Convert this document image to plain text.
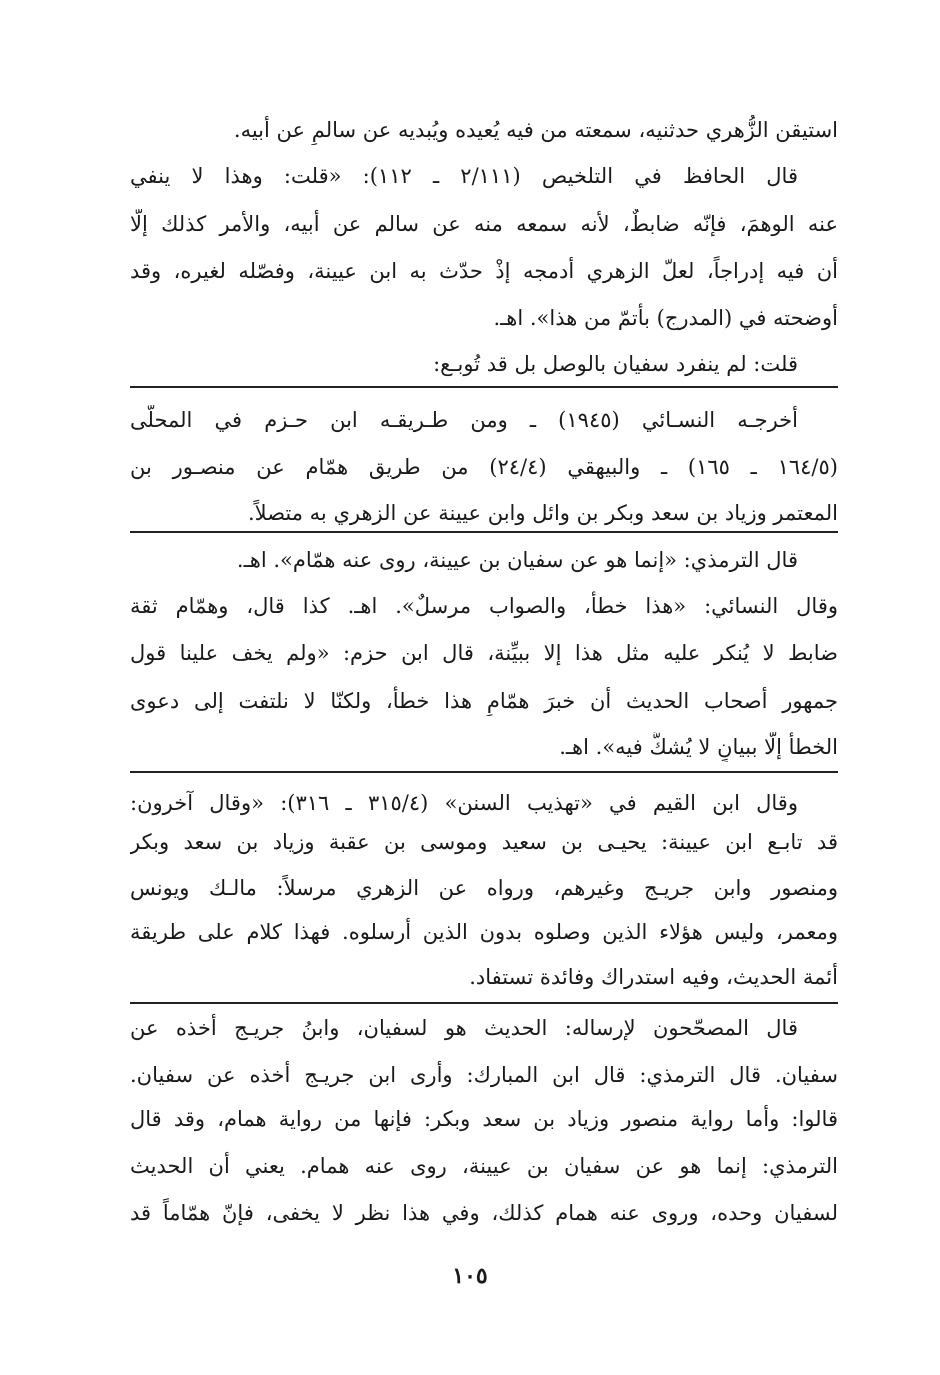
استيقن الزُّهري حدثنيه، سمعته من فيه يُعيده ويُبديه عن سالمٍ عن أبيه.
قال الحافظ في التلخيص (٢/١١١ ـ ١١٢): «قلت: وهذا لا ينفي
عنه الوهمَ، فإنّه ضابطٌ، لأنه سمعه منه عن سالم عن أبيه، والأمر كذلك إلّا
أن فيه إدراجاً، لعلّ الزهري أدمجه إذْ حدّث به ابن عيينة، وفصّله لغيره، وقد
أوضحته في (المدرج) بأتمّ من هذا». اهـ.
قلت: لم ينفرد سفيان بالوصل بل قد تُوبـع:
أخرجـه النسـائي (١٩٤٥) ـ ومن طـريقـه ابن حـزم في المحلّى
(١٦٤/٥ ـ ١٦٥) ـ والبيهقي (٢٤/٤) من طريق همّام عن منصـور بن
المعتمر وزياد بن سعد وبكر بن وائل وابن عيينة عن الزهري به متصلاً.
قال الترمذي: «إنما هو عن سفيان بن عيينة، روى عنه همّام». اهـ.
وقال النسائي: «هذا خطأ، والصواب مرسلٌ». اهـ. كذا قال، وهمّام ثقة
ضابط لا يُنكر عليه مثل هذا إلا ببيِّنة، قال ابن حزم: «ولم يخف علينا قول
جمهور أصحاب الحديث أن خبرَ همّامٍ هذا خطأ، ولكنّا لا نلتفت إلى دعوى
الخطأ إلّا ببيانٍ لا يُشكُّ فيه». اهـ.
وقال ابن القيم في «تهذيب السنن» (٣١٥/٤ ـ ٣١٦): «وقال آخرون:
قد تابـع ابن عيينة: يحيـى بن سعيد وموسى بن عقبة وزياد بن سعد وبكر
ومنصور وابن جريـج وغيرهم، ورواه عن الزهري مرسلاً: مالـك ويونس
ومعمر، وليس هؤلاء الذين وصلوه بدون الذين أرسلوه. فهذا كلام على طريقة
أئمة الحديث، وفيه استدراك وفائدة تستفاد.
قال المصحّحون لإرساله: الحديث هو لسفيان، وابنُ جريـج أخذه عن
سفيان. قال الترمذي: قال ابن المبارك: وأرى ابن جريـج أخذه عن سفيان.
قالوا: وأما رواية منصور وزياد بن سعد وبكر: فإنها من رواية همام، وقد قال
الترمذي: إنما هو عن سفيان بن عيينة، روى عنه همام. يعني أن الحديث
لسفيان وحده، وروى عنه همام كذلك، وفي هذا نظر لا يخفى، فإنّ همّاماً قد
١٠٥
